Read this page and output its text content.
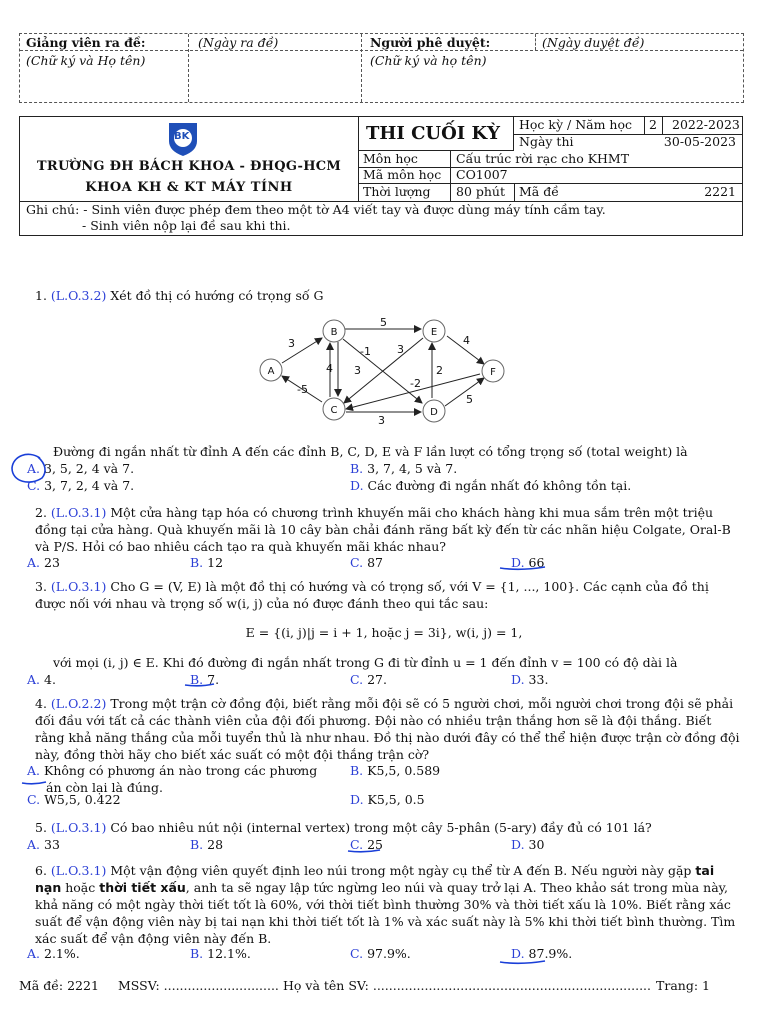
Giảng viên ra đề:	(Ngày ra đề)
(Chữ ký và Họ tên)
Người phê duyệt:	(Ngày duyệt đề)
(Chữ ký và họ tên)
BK
TRƯỜNG ĐH BÁCH KHOA - ĐHQG-HCM
KHOA KH & KT MÁY TÍNH
THI CUỐI KỲ	Học kỳ / Năm học 2 2022-2023
Ngày thi	30-05-2023
Môn học	Cấu trúc rời rạc cho KHMT
Mã môn học CO1007
Thời lượng 80 phút Mã đề	2221
Ghi chú: - Sinh viên được phép đem theo một tờ A4 viết tay và được dùng máy tính cầm tay.
- Sinh viên nộp lại đề sau khi thi.
1. (L.O.3.2) Xét đồ thị có hướng có trọng số G
3
-5
5
-1
4
3
4
3
-2
2
3
5
A
B
C	D
E
F
Đường đi ngắn nhất từ đỉnh A đến các đỉnh B, C, D, E và F lần lượt có tổng trọng số (total weight) là
A. 3, 5, 2, 4 và 7.	B. 3, 7, 4, 5 và 7.
C. 3, 7, 2, 4 và 7.	D. Các đường đi ngắn nhất đó không tồn tại.
2. (L.O.3.1) Một cửa hàng tạp hóa có chương trình khuyến mãi cho khách hàng khi mua sắm trên một triệu đồng tại cửa hàng. Quà khuyến mãi là 10 cây bàn chải đánh răng bất kỳ đến từ các nhãn hiệu Colgate, Oral-B và P/S. Hỏi có bao nhiêu cách tạo ra quà khuyến mãi khác nhau?
A. 23	B. 12	C. 87	D. 66
3. (L.O.3.1) Cho G = (V, E) là một đồ thị có hướng và có trọng số, với V = {1, ..., 100}. Các cạnh của đồ thị được nối với nhau và trọng số w(i, j) của nó được đánh theo qui tắc sau:
E = {(i, j)|j = i + 1, hoặc j = 3i}, w(i, j) = 1,
với mọi (i, j) ∈ E. Khi đó đường đi ngắn nhất trong G đi từ đỉnh u = 1 đến đỉnh v = 100 có độ dài là
A. 4.	B. 7.	C. 27.	D. 33.
4. (L.O.2.2) Trong một trận cờ đồng đội, biết rằng mỗi đội sẽ có 5 người chơi, mỗi người chơi trong đội sẽ phải đối đầu với tất cả các thành viên của đội đối phương. Đội nào có nhiều trận thắng hơn sẽ là đội thắng. Biết rằng khả năng thắng của mỗi tuyển thủ là như nhau. Đồ thị nào dưới đây có thể thể hiện được trận cờ đồng đội này, đồng thời hãy cho biết xác suất có một đội thắng trận cờ?
A. Không có phương án nào trong các phương
án còn lại là đúng.
B. K5,5, 0.589
C. W5,5, 0.422	D. K5,5, 0.5
5. (L.O.3.1) Có bao nhiêu nút nội (internal vertex) trong một cây 5-phân (5-ary) đầy đủ có 101 lá?
A. 33	B. 28	C. 25	D. 30
6. (L.O.3.1) Một vận động viên quyết định leo núi trong một ngày cụ thể từ A đến B. Nếu người này gặp tai nạn hoặc thời tiết xấu, anh ta sẽ ngay lập tức ngừng leo núi và quay trở lại A. Theo khảo sát trong mùa này, khả năng có một ngày thời tiết tốt là 60%, với thời tiết bình thường 30% và thời tiết xấu là 10%. Biết rằng xác suất để vận động viên này bị tai nạn khi thời tiết tốt là 1% và xác suất này là 5% khi thời tiết bình thường. Tìm xác suất để vận động viên này đến B.
A. 2.1%.	B. 12.1%.	C. 97.9%.	D. 87.9%.
Mã đề: 2221 MSSV: ............................. Họ và tên SV: ...................................................................... Trang: 1
